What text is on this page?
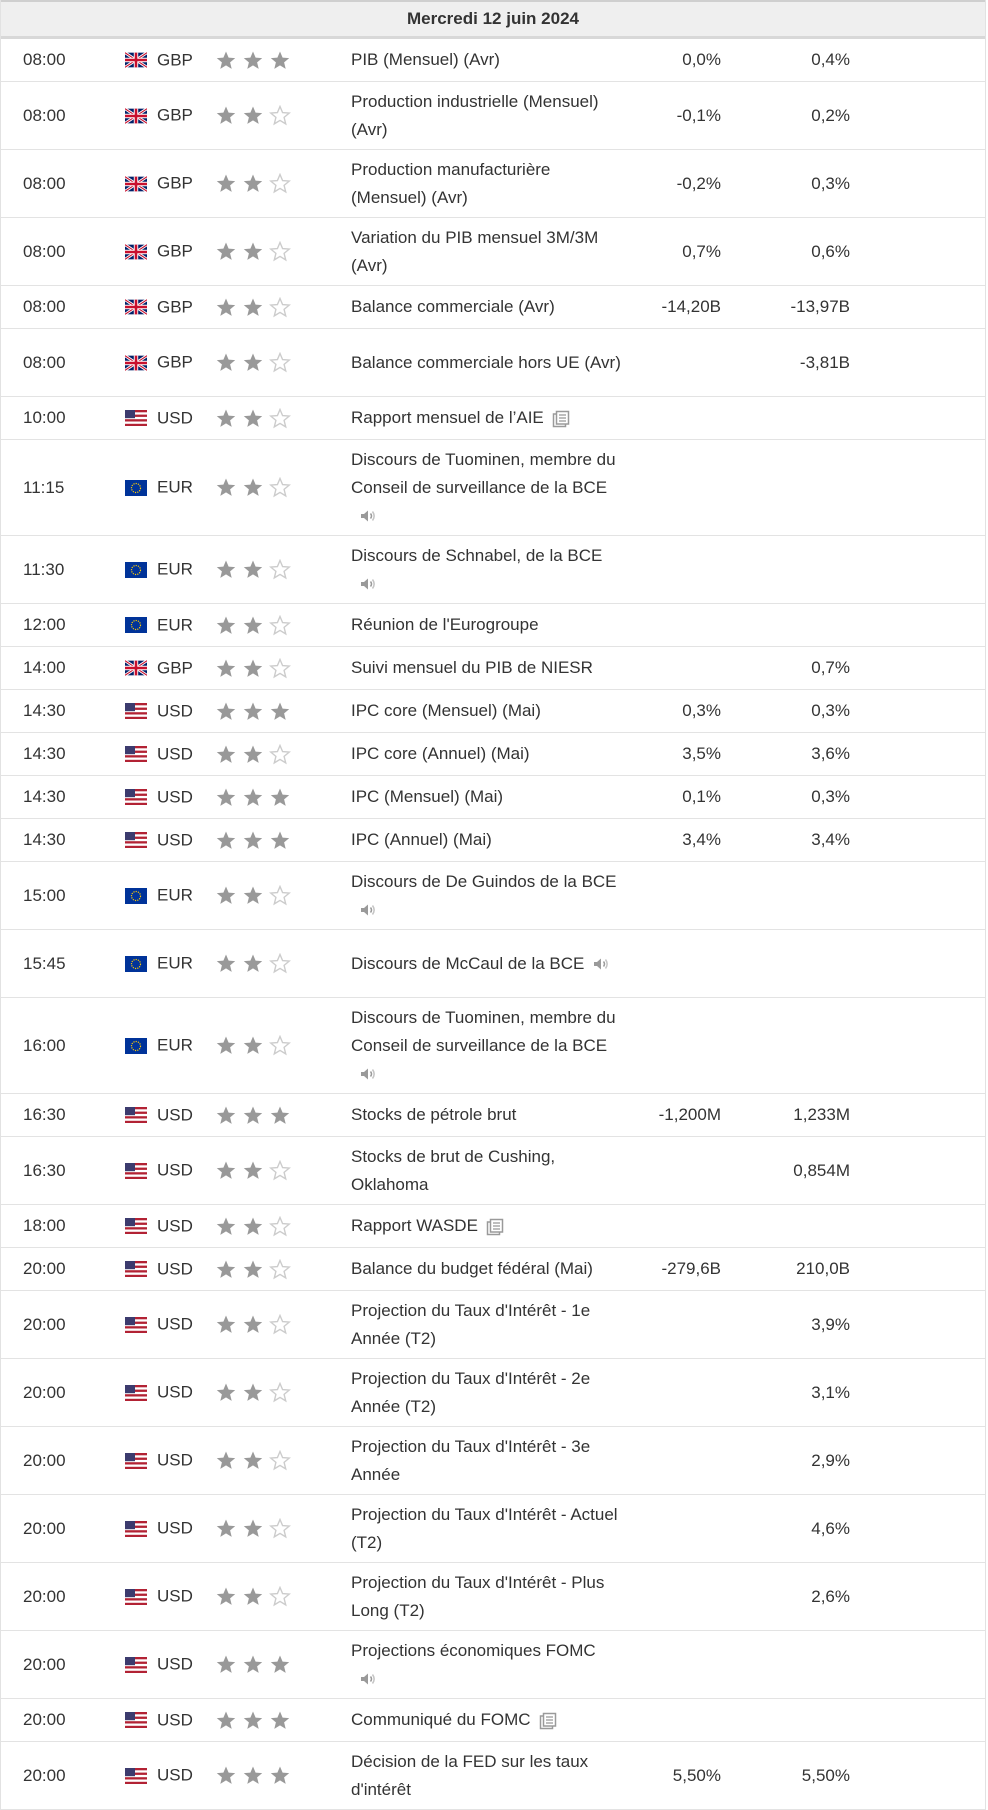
Mercredi 12 juin 2024
08:00	GBP		PIB (Mensuel) (Avr)	0,0%	0,4%	
08:00	GBP		Production industrielle (Mensuel) (Avr)	-0,1%	0,2%	
08:00	GBP		Production manufacturière (Mensuel) (Avr)	-0,2%	0,3%	
08:00	GBP		Variation du PIB mensuel 3M/3M (Avr)	0,7%	0,6%	
08:00	GBP		Balance commerciale (Avr)	-14,20B	-13,97B	
08:00	GBP		Balance commerciale hors UE (Avr)		-3,81B	
10:00	USD		Rapport mensuel de l’AIE

11:15	EUR		Discours de Tuominen, membre du Conseil de surveillance de la BCE

11:30	EUR		Discours de Schnabel, de la BCE

12:00	EUR		Réunion de l'Eurogroupe			
14:00	GBP		Suivi mensuel du PIB de NIESR		0,7%	
14:30	USD		IPC core (Mensuel) (Mai)	0,3%	0,3%	
14:30	USD		IPC core (Annuel) (Mai)	3,5%	3,6%	
14:30	USD		IPC (Mensuel) (Mai)	0,1%	0,3%	
14:30	USD		IPC (Annuel) (Mai)	3,4%	3,4%	
15:00	EUR		Discours de De Guindos de la BCE

15:45	EUR		Discours de McCaul de la BCE

16:00	EUR		Discours de Tuominen, membre du Conseil de surveillance de la BCE

16:30	USD		Stocks de pétrole brut	-1,200M	1,233M	
16:30	USD		Stocks de brut de Cushing, Oklahoma		0,854M	
18:00	USD		Rapport WASDE

20:00	USD		Balance du budget fédéral (Mai)	-279,6B	210,0B	
20:00	USD		Projection du Taux d'Intérêt - 1e Année (T2)		3,9%	
20:00	USD		Projection du Taux d'Intérêt - 2e Année (T2)		3,1%	
20:00	USD		Projection du Taux d'Intérêt - 3e Année		2,9%	
20:00	USD		Projection du Taux d'Intérêt - Actuel (T2)		4,6%	
20:00	USD		Projection du Taux d'Intérêt - Plus Long (T2)		2,6%	
20:00	USD		Projections économiques FOMC

20:00	USD		Communiqué du FOMC

20:00	USD		Décision de la FED sur les taux d'intérêt	5,50%	5,50%	
